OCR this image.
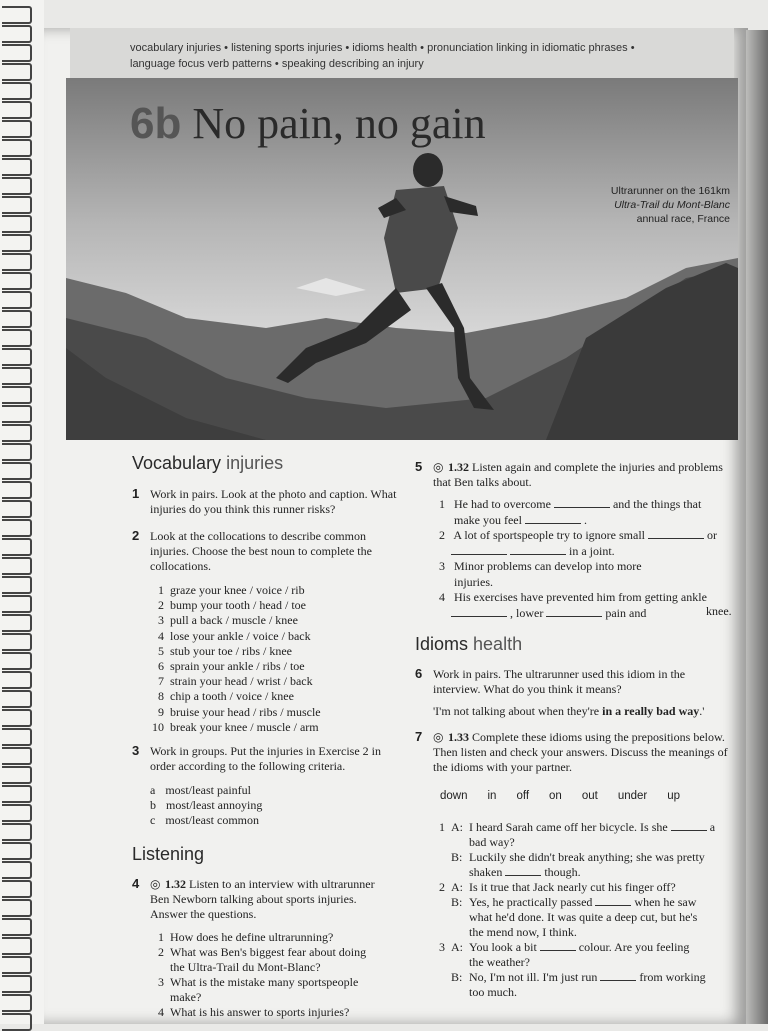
vocabulary injuries • listening sports injuries • idioms health • pronunciation linking in idiomatic phrases •
language focus verb patterns • speaking describing an injury
6b No pain, no gain
Ultrarunner on the 161km
Ultra-Trail du Mont-Blanc
annual race, France
Vocabulary injuries
1 Work in pairs. Look at the photo and caption. What injuries do you think this runner risks?
2 Look at the collocations to describe common injuries. Choose the best noun to complete the collocations.
1 graze your knee / voice / rib
2 bump your tooth / head / toe
3 pull a back / muscle / knee
4 lose your ankle / voice / back
5 stub your toe / ribs / knee
6 sprain your ankle / ribs / toe
7 strain your head / wrist / back
8 chip a tooth / voice / knee
9 bruise your head / ribs / muscle
10 break your knee / muscle / arm
3 Work in groups. Put the injuries in Exercise 2 in order according to the following criteria.
a most/least painful
b most/least annoying
c most/least common
Listening
4 ◎ 1.32 Listen to an interview with ultrarunner Ben Newborn talking about sports injuries. Answer the questions.
1 How does he define ultrarunning?
2 What was Ben's biggest fear about doing
the Ultra-Trail du Mont-Blanc?
3 What is the mistake many sportspeople
make?
4 What is his answer to sports injuries?
5 ◎ 1.32 Listen again and complete the injuries and problems that Ben talks about.
1 He had to overcome	and the things that
make you feel	.
2 A lot of sportspeople try to ignore small	or
in a joint.
3 Minor problems can develop into more
injuries.
4 His exercises have prevented him from getting ankle
, lower	pain and	knee.
Idioms health
6 Work in pairs. The ultrarunner used this idiom in the interview. What do you think it means?
'I'm not talking about when they're in a really bad way.'
7 ◎ 1.33 Complete these idioms using the prepositions below. Then listen and check your answers. Discuss the meanings of the idioms with your partner.
down in off on out under up
1 A: I heard Sarah came off her bicycle. Is she	a
bad way?
B: Luckily she didn't break anything; she was pretty
shaken	though.
2 A: Is it true that Jack nearly cut his finger off?
B: Yes, he practically passed	when he saw
what he'd done. It was quite a deep cut, but he's
the mend now, I think.
3 A: You look a bit	colour. Are you feeling
the weather?
B: No, I'm not ill. I'm just run	from working
too much.
